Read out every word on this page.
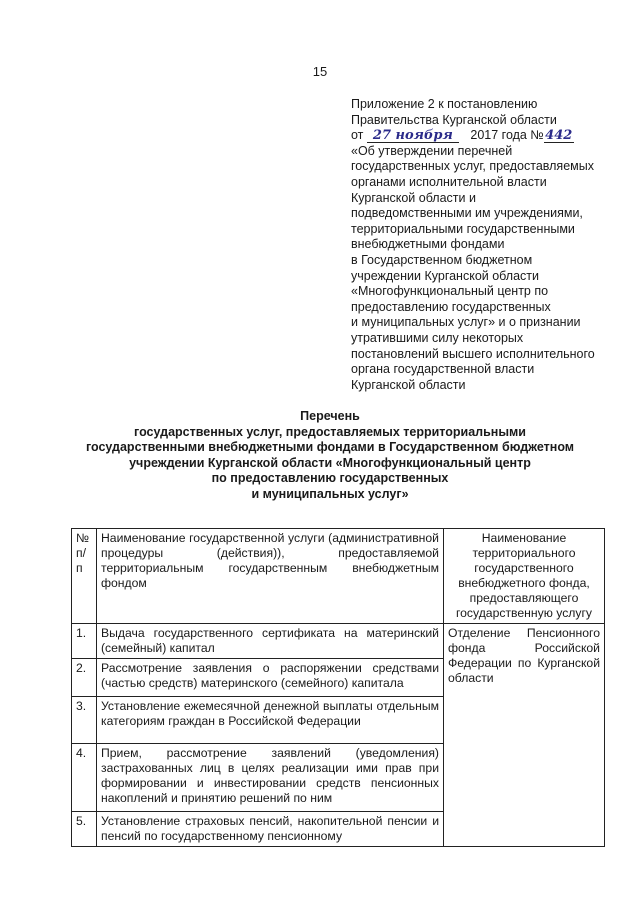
15
Приложение 2 к постановлению
Правительства Курганской области
от 27 ноября 2017 года №442
«Об утверждении перечней
государственных услуг, предоставляемых
органами исполнительной власти
Курганской области и
подведомственными им учреждениями,
территориальными государственными
внебюджетными фондами
в Государственном бюджетном
учреждении Курганской области
«Многофункциональный центр по
предоставлению государственных
и муниципальных услуг» и о признании
утратившими силу некоторых
постановлений высшего исполнительного
органа государственной власти
Курганской области
Перечень
государственных услуг, предоставляемых территориальными
государственными внебюджетными фондами в Государственном бюджетном
учреждении Курганской области «Многофункциональный центр
по предоставлению государственных
и муниципальных услуг»
№ п/п	Наименование государственной услуги (административной процедуры (действия)), предоставляемой территориальным государственным внебюджетным фондом	Наименование территориального государственного внебюджетного фонда, предоставляющего государственную услугу
1.	Выдача государственного сертификата на материнский (семейный) капитал	Отделение Пенсионного фонда Российской Федерации по Курганской области
2.	Рассмотрение заявления о распоряжении средствами (частью средств) материнского (семейного) капитала	
3.	Установление ежемесячной денежной выплаты отдельным категориям граждан в Российской Федерации	
4.	Прием, рассмотрение заявлений (уведомления) застрахованных лиц в целях реализации ими прав при формировании и инвестировании средств пенсионных накоплений и принятию решений по ним	
5.	Установление страховых пенсий, накопительной пенсии и пенсий по государственному пенсионному	
